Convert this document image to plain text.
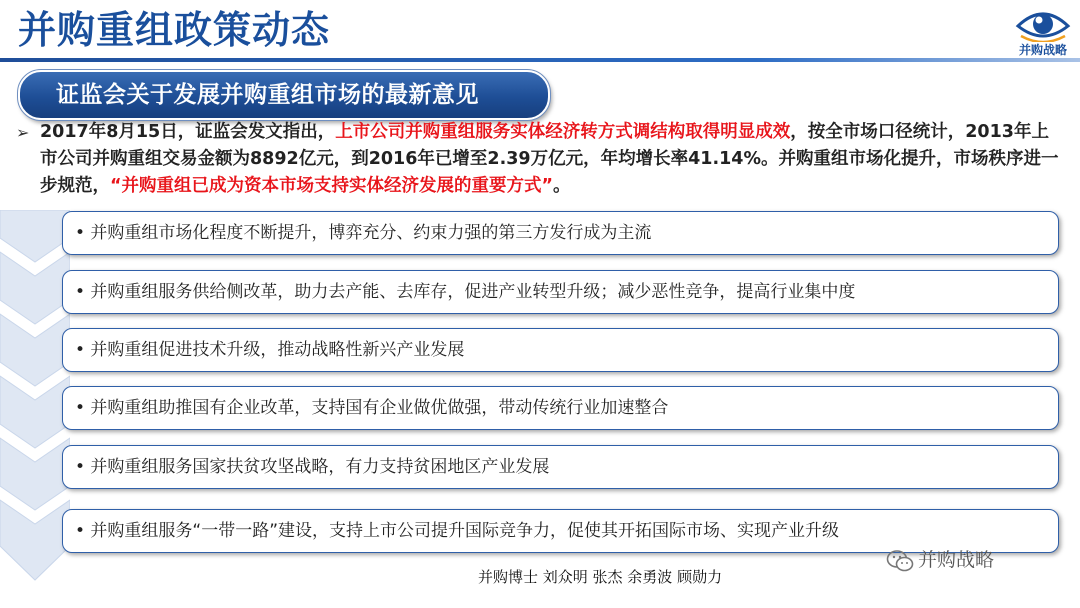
并购重组政策动态	并购战略
证监会关于发展并购重组市场的最新意见
➢ 2017年8月15日，证监会发文指出，上市公司并购重组服务实体经济转方式调结构取得明显成效，按全市场口径统计，2013年上市公司并购重组交易金额为8892亿元，到2016年已增至2.39万亿元，年均增长率41.14%。并购重组市场化提升，市场秩序进一步规范，“并购重组已成为资本市场支持实体经济发展的重要方式”。
• 并购重组市场化程度不断提升，博弈充分、约束力强的第三方发行成为主流
• 并购重组服务供给侧改革，助力去产能、去库存，促进产业转型升级；减少恶性竞争，提高行业集中度
• 并购重组促进技术升级，推动战略性新兴产业发展
• 并购重组助推国有企业改革，支持国有企业做优做强，带动传统行业加速整合
• 并购重组服务国家扶贫攻坚战略，有力支持贫困地区产业发展
• 并购重组服务“一带一路”建设，支持上市公司提升国际竞争力，促使其开拓国际市场、实现产业升级
并购博士 刘众明 张杰 余勇波 顾勋力
并购战略
